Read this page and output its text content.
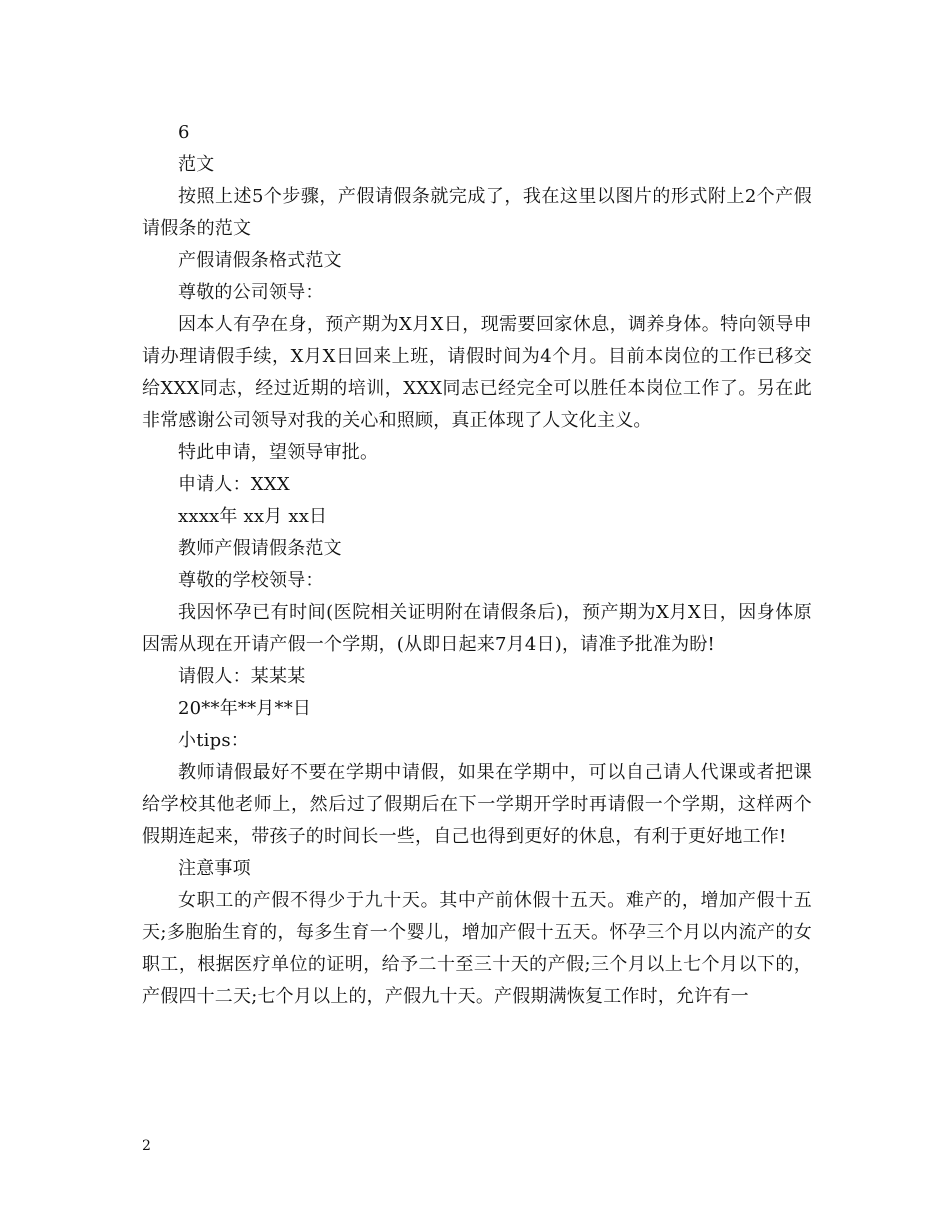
6

范文

按照上述5个步骤，产假请假条就完成了，我在这里以图片的形式附上2个产假请假条的范文

产假请假条格式范文

尊敬的公司领导：

因本人有孕在身，预产期为X月X日，现需要回家休息，调养身体。特向领导申请办理请假手续，X月X日回来上班，请假时间为4个月。目前本岗位的工作已移交给XXX同志，经过近期的培训，XXX同志已经完全可以胜任本岗位工作了。另在此非常感谢公司领导对我的关心和照顾，真正体现了人文化主义。

特此申请，望领导审批。

申请人：XXX

xxxx年 xx月 xx日

教师产假请假条范文

尊敬的学校领导：

我因怀孕已有时间(医院相关证明附在请假条后)，预产期为X月X日，因身体原因需从现在开请产假一个学期，(从即日起来7月4日)，请准予批准为盼!

请假人：某某某

20**年**月**日

小tips：

教师请假最好不要在学期中请假，如果在学期中，可以自己请人代课或者把课给学校其他老师上，然后过了假期后在下一学期开学时再请假一个学期，这样两个假期连起来，带孩子的时间长一些，自己也得到更好的休息，有利于更好地工作!

注意事项

女职工的产假不得少于九十天。其中产前休假十五天。难产的，增加产假十五天;多胞胎生育的，每多生育一个婴儿，增加产假十五天。怀孕三个月以内流产的女职工，根据医疗单位的证明，给予二十至三十天的产假;三个月以上七个月以下的，产假四十二天;七个月以上的，产假九十天。产假期满恢复工作时，允许有一

2
